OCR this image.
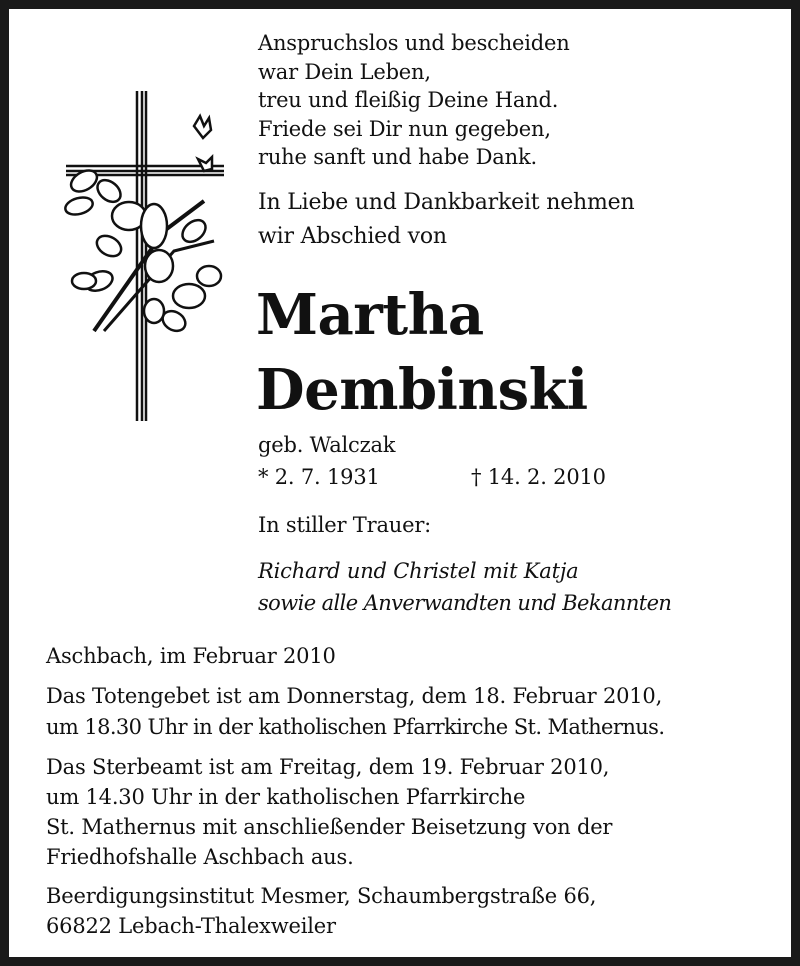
Anspruchslos und bescheiden
war Dein Leben,
treu und fleißig Deine Hand.
Friede sei Dir nun gegeben,
ruhe sanft und habe Dank.
In Liebe und Dankbarkeit nehmen
wir Abschied von
Martha
Dembinski
geb. Walczak
* 2. 7. 1931	† 14. 2. 2010
In stiller Trauer:
Richard und Christel mit Katja
sowie alle Anverwandten und Bekannten
Aschbach, im Februar 2010
Das Totengebet ist am Donnerstag, dem 18. Februar 2010,
um 18.30 Uhr in der katholischen Pfarrkirche St. Mathernus.
Das Sterbeamt ist am Freitag, dem 19. Februar 2010,
um 14.30 Uhr in der katholischen Pfarrkirche
St. Mathernus mit anschließender Beisetzung von der
Friedhofshalle Aschbach aus.
Beerdigungsinstitut Mesmer, Schaumbergstraße 66,
66822 Lebach-Thalexweiler
